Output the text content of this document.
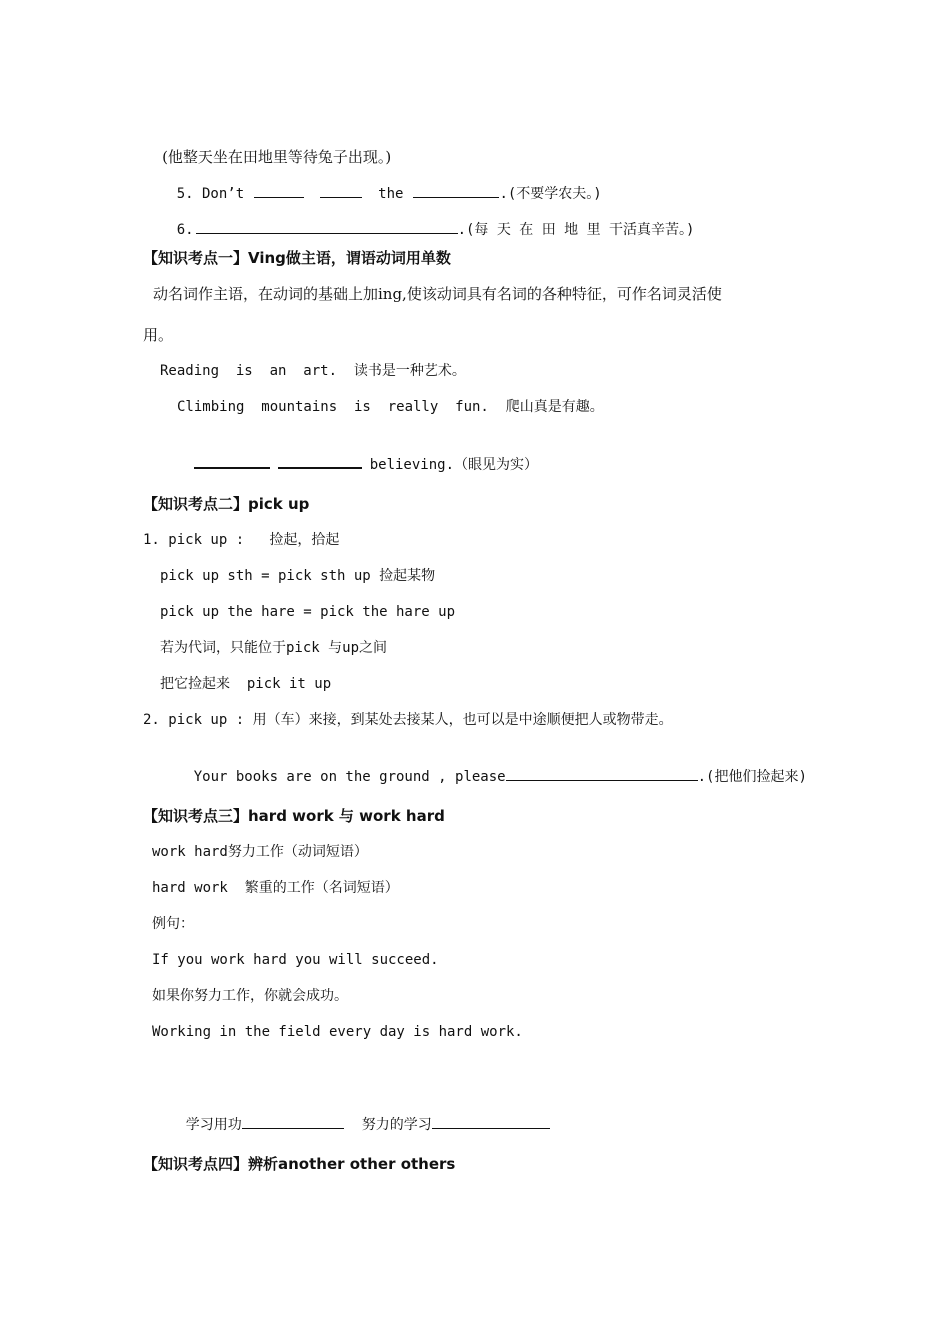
(他整天坐在田地里等待兔子出现。)

5. Don’t	the	.(不要学农夫。)

6.	.(每 天 在 田 地 里 干活真辛苦。)

【知识考点一】Ving做主语，谓语动词用单数
动名词作主语，在动词的基础上加ing,使该动词具有名词的各种特征，可作名词灵活使
用。
Reading  is  an  art.  读书是一种艺术。
Climbing  mountains  is  really  fun.  爬山真是有趣。

believing.（眼见为实）

【知识考点二】pick up
1. pick up :   捡起，拾起
pick up sth = pick sth up 捡起某物
pick up the hare = pick the hare up
若为代词，只能位于pick 与up之间
把它捡起来  pick it up
2. pick up : 用（车）来接，到某处去接某人，也可以是中途顺便把人或物带走。

Your books are on the ground , please	.(把他们捡起来)

【知识考点三】hard work 与 work hard
work hard努力工作（动词短语）
hard work  繁重的工作（名词短语）
例句：
If you work hard you will succeed.
如果你努力工作，你就会成功。
Working in the field every day is hard work.

学习用功	努力的学习

【知识考点四】辨析another other others
